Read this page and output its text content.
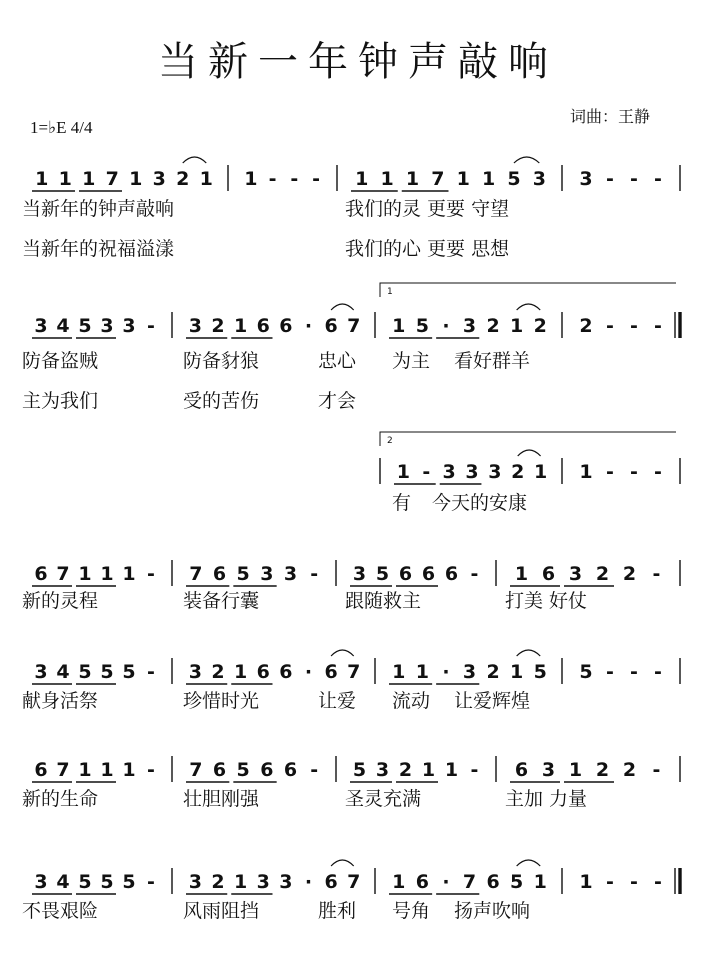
当新一年钟声敲响
1=♭E 4/4
词曲：王静
1 1 1 7 1 3 2 1 1 - - - 1 1 1 7 1 1 5 3 3 - - -
3 4 5 3 3 - 3 2 1 6 6 · 6 7 1 5 · 3 2 1 2 2 - - -
1 - 3 3 3 2 1 1 - - -
6 7 1 1 1 - 7 6 5 3 3 - 3 5 6 6 6 - 1 6 3 2 2 -
3 4 5 5 5 - 3 2 1 6 6 · 6 7 1 1 · 3 2 1 5 5 - - -
6 7 1 1 1 - 7 6 5 6 6 - 5 3 2 1 1 - 6 3 1 2 2 -
3 4 5 5 5 - 3 2 1 3 3 · 6 7 1 6 · 7 6 5 1 1 - - -
1
2
当新年的钟声敲响	我们的灵 更要 守望
当新年的祝福溢漾	我们的心 更要 思想
防备盗贼	防备豺狼	忠心 为主 看好群羊
主为我们	受的苦伤	才会
有 今天的安康
新的灵程	装备行囊	跟随救主	打美 好仗
献身活祭	珍惜时光	让爱 流动 让爱辉煌
新的生命	壮胆刚强	圣灵充满	主加 力量
不畏艰险	风雨阻挡	胜利 号角 扬声吹响
